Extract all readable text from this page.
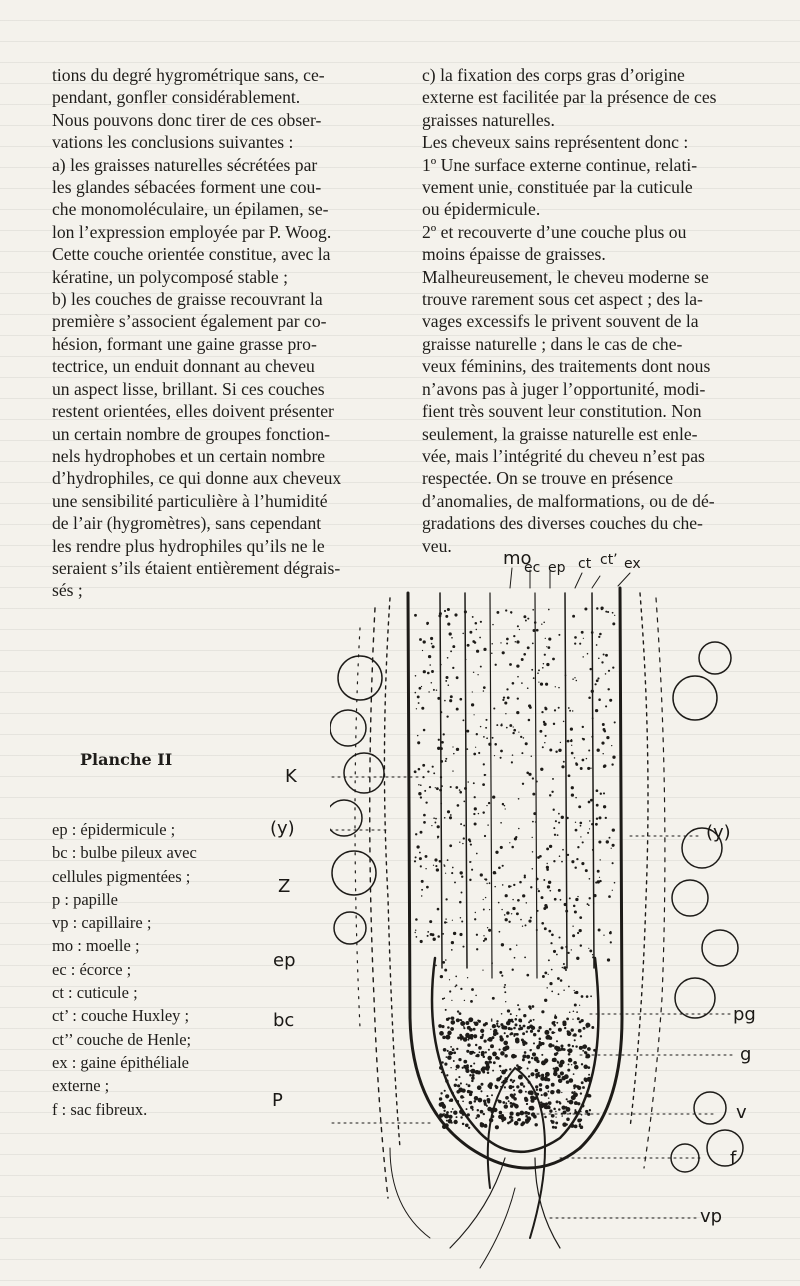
tions du degré hygrométrique sans, ce-

pendant, gonfler considérablement.

Nous pouvons donc tirer de ces obser-

vations les conclusions suivantes :

a) les graisses naturelles sécrétées par

les glandes sébacées forment une cou-

che monomoléculaire, un épilamen, se-

lon l’expression employée par P. Woog.

Cette couche orientée constitue, avec la

kératine, un polycomposé stable ;

b) les couches de graisse recouvrant la

première s’associent également par co-

hésion, formant une gaine grasse pro-

tectrice, un enduit donnant au cheveu

un aspect lisse, brillant. Si ces couches

restent orientées, elles doivent présenter

un certain nombre de groupes fonction-

nels hydrophobes et un certain nombre

d’hydrophiles, ce qui donne aux cheveux

une sensibilité particulière à l’humidité

de l’air (hygromètres), sans cependant

les rendre plus hydrophiles qu’ils ne le

seraient s’ils étaient entièrement dégrais-

sés ;

c) la fixation des corps gras d’origine

externe est facilitée par la présence de ces

graisses naturelles.

Les cheveux sains représentent donc :

1º Une surface externe continue, relati-

vement unie, constituée par la cuticule

ou épidermicule.

2º et recouverte d’une couche plus ou

moins épaisse de graisses.

Malheureusement, le cheveu moderne se

trouve rarement sous cet aspect ; des la-

vages excessifs le privent souvent de la

graisse naturelle ; dans le cas de che-

veux féminins, des traitements dont nous

n’avons pas à juger l’opportunité, modi-

fient très souvent leur constitution. Non

seulement, la graisse naturelle est enle-

vée, mais l’intégrité du cheveu n’est pas

respectée. On se trouve en présence

d’anomalies, de malformations, ou de dé-

gradations des diverses couches du che-

veu.

Planche II
ep : épidermicule ;
bc : bulbe pileux avec
cellules pigmentées ;
p : papille
vp : capillaire ;
mo : moelle ;
ec : écorce ;
ct : cuticule ;
ct’ : couche Huxley ;
ct’’ couche de Henle;
ex : gaine épithéliale
externe ;
f : sac fibreux.
mo
ec ep ct ct’ ex
K
(y)
Z
ep
bc
P
(y)
pg
g
v
f
vp
